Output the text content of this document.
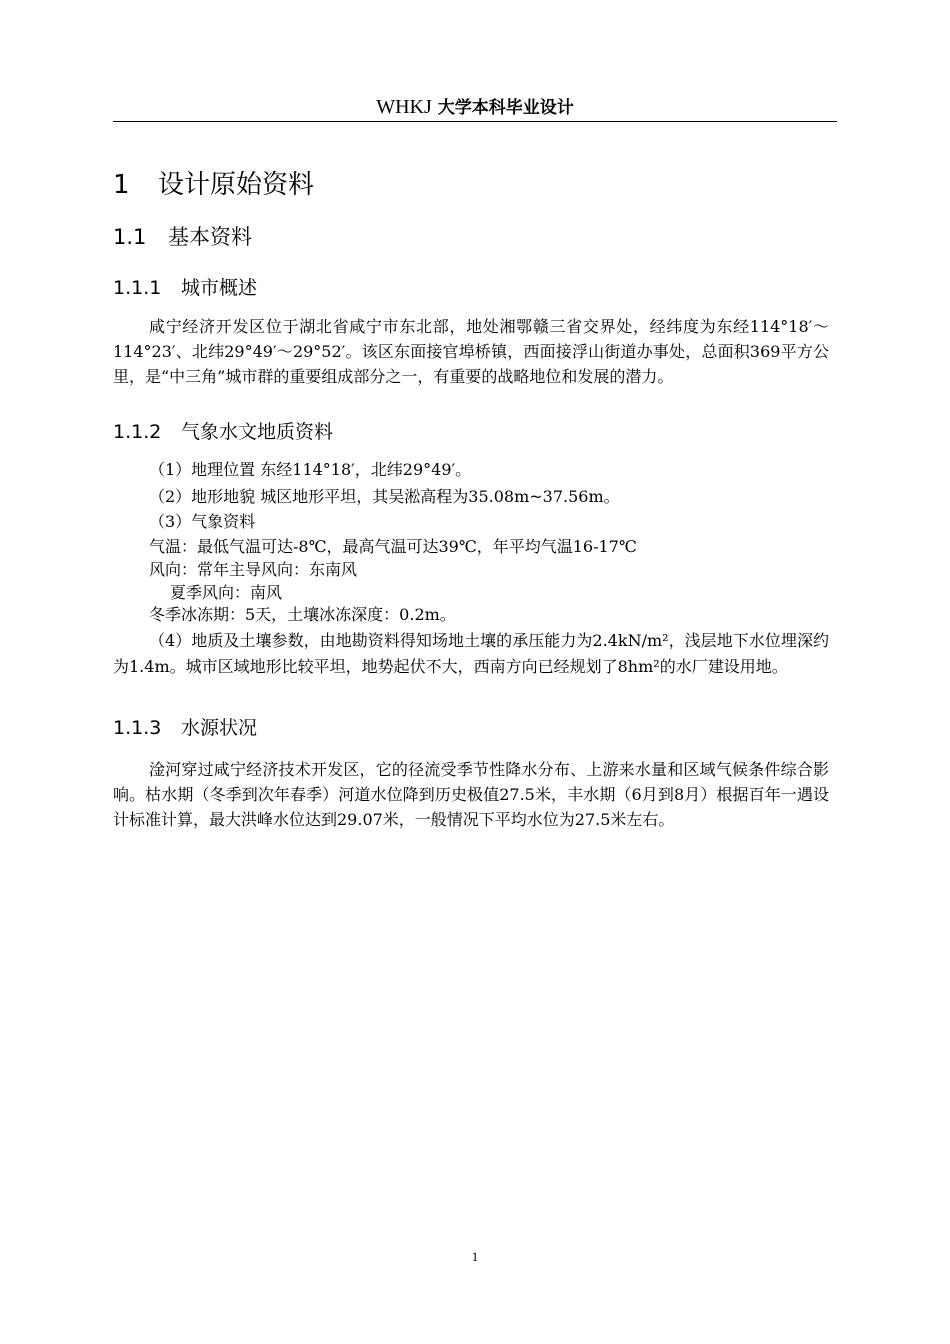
WHKJ 大学本科毕业设计
1 设计原始资料
1.1 基本资料
1.1.1 城市概述
咸宁经济开发区位于湖北省咸宁市东北部，地处湘鄂赣三省交界处，经纬度为东经114°18′～114°23′、北纬29°49′～29°52′。该区东面接官埠桥镇，西面接浮山街道办事处，总面积369平方公里，是“中三角”城市群的重要组成部分之一，有重要的战略地位和发展的潜力。
1.1.2 气象水文地质资料
（1）地理位置 东经114°18′，北纬29°49′。
（2）地形地貌 城区地形平坦，其吴淞高程为35.08m~37.56m。
（3）气象资料
气温：最低气温可达-8℃，最高气温可达39℃，年平均气温16-17℃
风向：常年主导风向：东南风
夏季风向：南风
冬季冰冻期：5天，土壤冰冻深度：0.2m。
（4）地质及土壤参数，由地勘资料得知场地土壤的承压能力为2.4kN/m²，浅层地下水位埋深约为1.4m。城市区域地形比较平坦，地势起伏不大，西南方向已经规划了8hm²的水厂建设用地。
1.1.3 水源状况
淦河穿过咸宁经济技术开发区，它的径流受季节性降水分布、上游来水量和区域气候条件综合影响。枯水期（冬季到次年春季）河道水位降到历史极值27.5米，丰水期（6月到8月）根据百年一遇设计标准计算，最大洪峰水位达到29.07米，一般情况下平均水位为27.5米左右。
1
